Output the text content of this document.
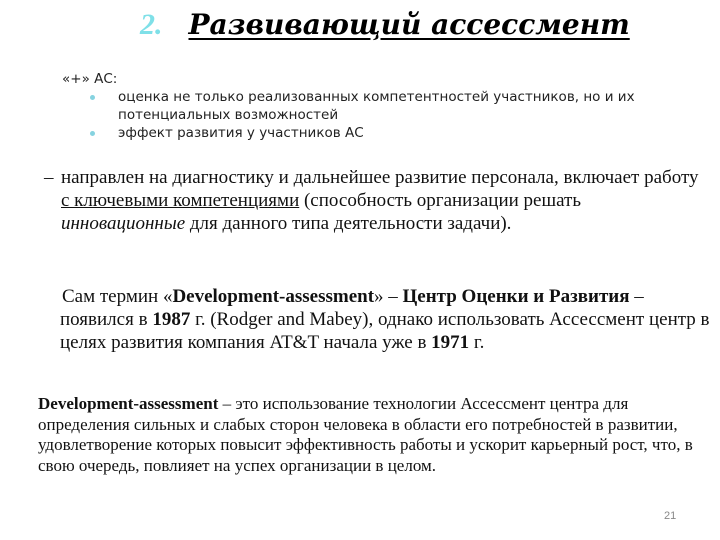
2. Развивающий ассессмент
«+» АС:
оценка не только реализованных компетентностей участников, но и их потенциальных возможностей
эффект развития у участников АС
– направлен на диагностику и дальнейшее развитие персонала, включает работу с ключевыми компетенциями (способность организации решать инновационные для данного типа деятельности задачи).
Сам термин «Development-assessment» – Центр Оценки и Развития – появился в 1987 г. (Rodger and Mabey), однако использовать Ассессмент центр в целях развития компания AT&T начала уже в 1971 г.
Development-assessment – это использование технологии Ассессмент центра для определения сильных и слабых сторон человека в области его потребностей в развитии, удовлетворение которых повысит эффективность работы и ускорит карьерный рост, что, в свою очередь, повлияет на успех организации в целом.
21
